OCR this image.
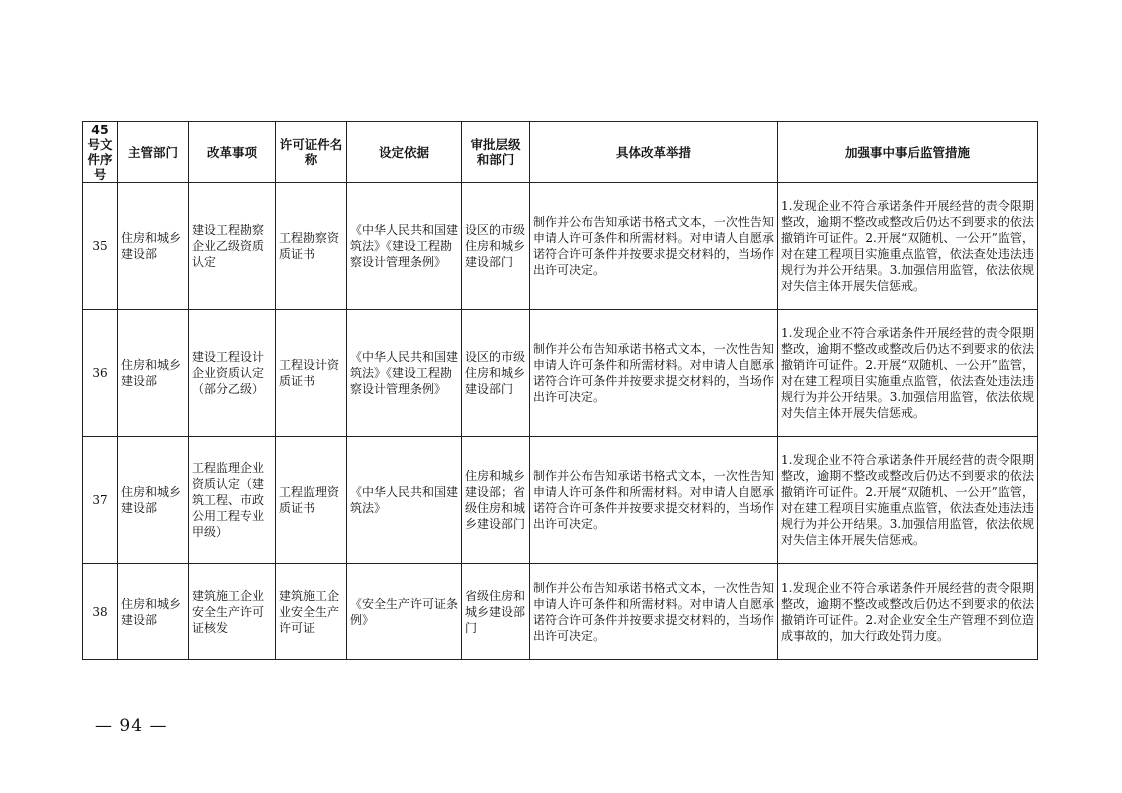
45号文件序号	主管部门	改革事项	许可证件名称	设定依据	审批层级和部门	具体改革举措	加强事中事后监管措施
35	住房和城乡建设部	建设工程勘察企业乙级资质认定	工程勘察资质证书	《中华人民共和国建筑法》《建设工程勘察设计管理条例》	设区的市级住房和城乡建设部门	制作并公布告知承诺书格式文本，一次性告知申请人许可条件和所需材料。对申请人自愿承诺符合许可条件并按要求提交材料的，当场作出许可决定。	1.发现企业不符合承诺条件开展经营的责令限期整改，逾期不整改或整改后仍达不到要求的依法撤销许可证件。2.开展“双随机、一公开”监管，对在建工程项目实施重点监管，依法查处违法违规行为并公开结果。3.加强信用监管，依法依规对失信主体开展失信惩戒。
36	住房和城乡建设部	建设工程设计企业资质认定（部分乙级）	工程设计资质证书	《中华人民共和国建筑法》《建设工程勘察设计管理条例》	设区的市级住房和城乡建设部门	制作并公布告知承诺书格式文本，一次性告知申请人许可条件和所需材料。对申请人自愿承诺符合许可条件并按要求提交材料的，当场作出许可决定。	1.发现企业不符合承诺条件开展经营的责令限期整改，逾期不整改或整改后仍达不到要求的依法撤销许可证件。2.开展“双随机、一公开”监管，对在建工程项目实施重点监管，依法查处违法违规行为并公开结果。3.加强信用监管，依法依规对失信主体开展失信惩戒。
37	住房和城乡建设部	工程监理企业资质认定（建筑工程、市政公用工程专业甲级）	工程监理资质证书	《中华人民共和国建筑法》	住房和城乡建设部；省级住房和城乡建设部门	制作并公布告知承诺书格式文本，一次性告知申请人许可条件和所需材料。对申请人自愿承诺符合许可条件并按要求提交材料的，当场作出许可决定。	1.发现企业不符合承诺条件开展经营的责令限期整改，逾期不整改或整改后仍达不到要求的依法撤销许可证件。2.开展“双随机、一公开”监管，对在建工程项目实施重点监管，依法查处违法违规行为并公开结果。3.加强信用监管，依法依规对失信主体开展失信惩戒。
38	住房和城乡建设部	建筑施工企业安全生产许可证核发	建筑施工企业安全生产许可证	《安全生产许可证条例》	省级住房和城乡建设部门	制作并公布告知承诺书格式文本，一次性告知申请人许可条件和所需材料。对申请人自愿承诺符合许可条件并按要求提交材料的，当场作出许可决定。	1.发现企业不符合承诺条件开展经营的责令限期整改，逾期不整改或整改后仍达不到要求的依法撤销许可证件。2.对企业安全生产管理不到位造成事故的，加大行政处罚力度。
— 94 —
